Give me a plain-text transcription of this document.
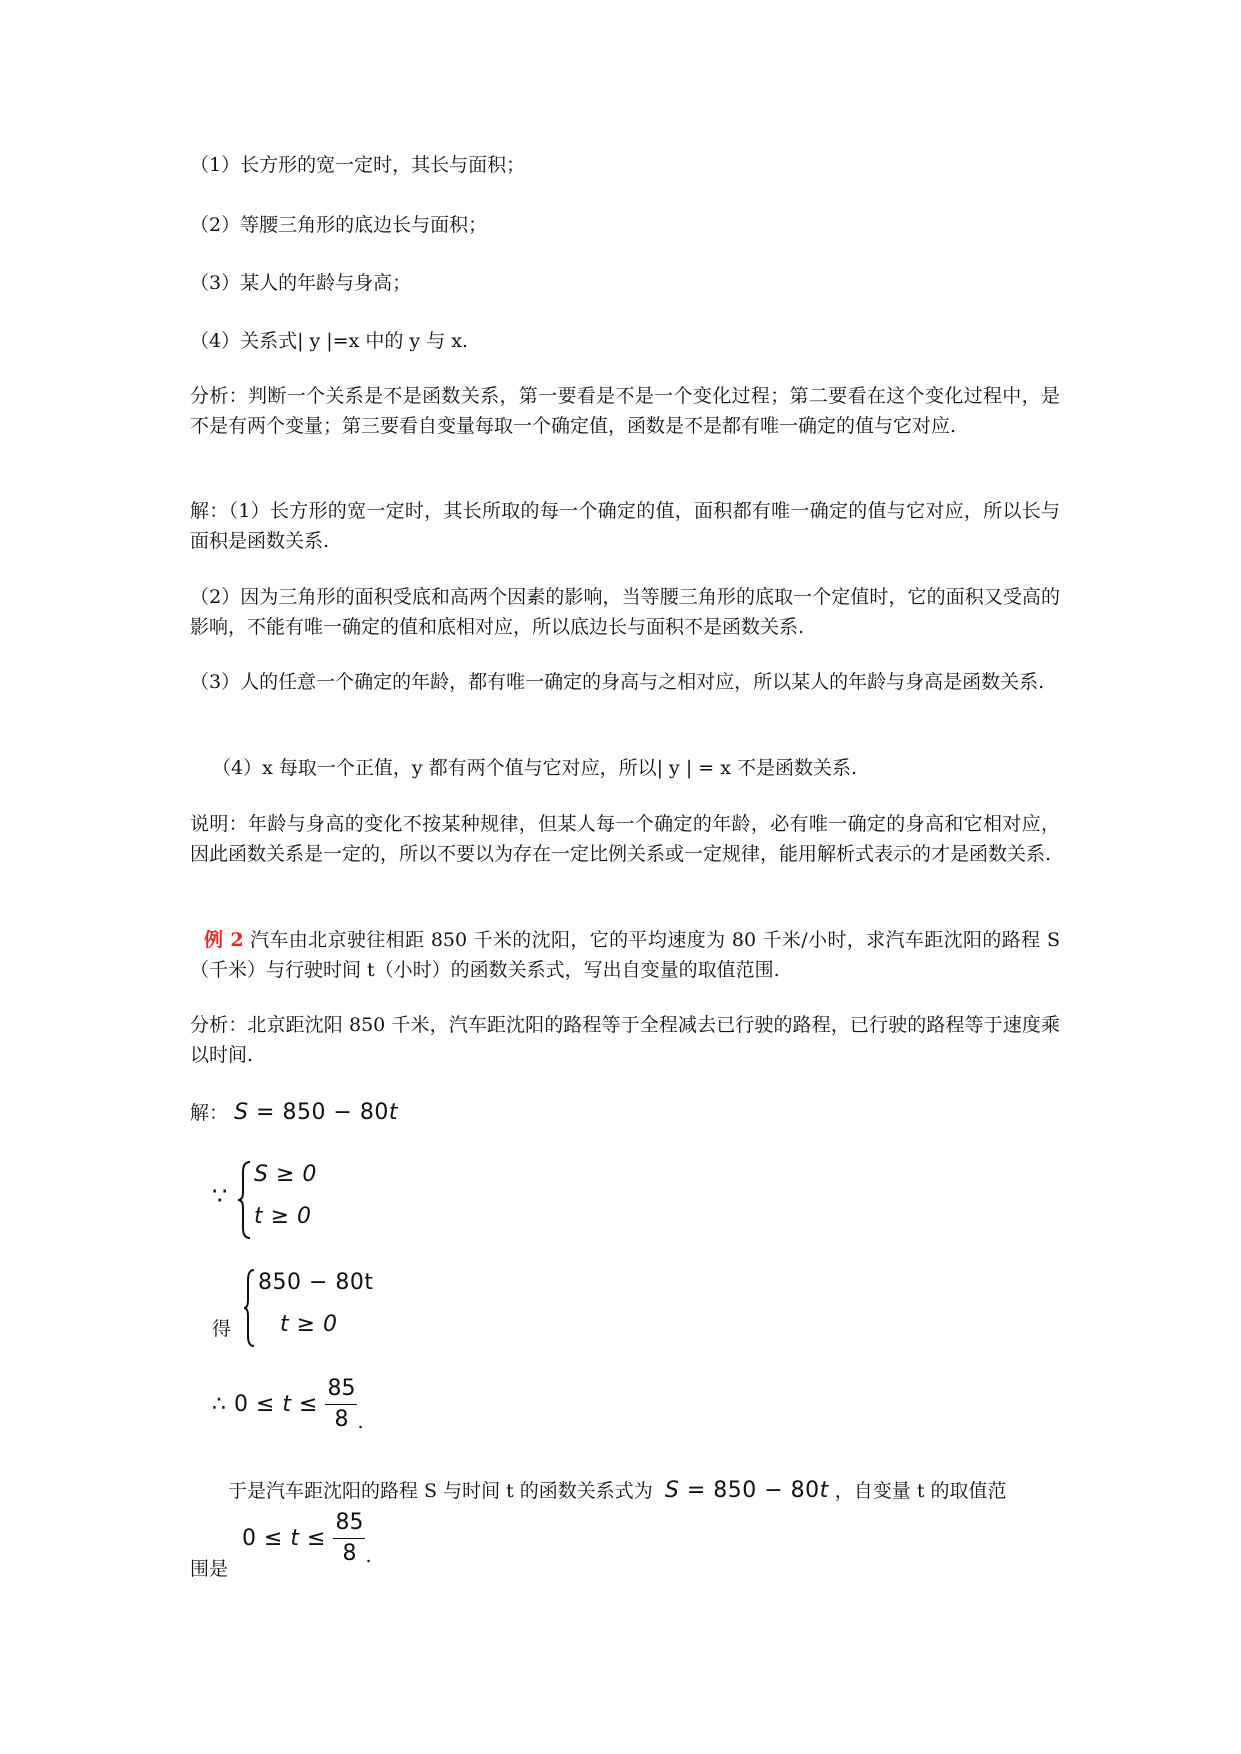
（1）长方形的宽一定时，其长与面积；
（2）等腰三角形的底边长与面积；
（3）某人的年龄与身高；
（4）关系式| y |=x 中的 y 与 x.
分析：判断一个关系是不是函数关系，第一要看是不是一个变化过程；第二要看在这个变化过程中，是不是有两个变量；第三要看自变量每取一个确定值，函数是不是都有唯一确定的值与它对应.
解：（1）长方形的宽一定时，其长所取的每一个确定的值，面积都有唯一确定的值与它对应，所以长与面积是函数关系.
（2）因为三角形的面积受底和高两个因素的影响，当等腰三角形的底取一个定值时，它的面积又受高的影响，不能有唯一确定的值和底相对应，所以底边长与面积不是函数关系.
（3）人的任意一个确定的年龄，都有唯一确定的身高与之相对应，所以某人的年龄与身高是函数关系.
（4）x 每取一个正值，y 都有两个值与它对应，所以| y | = x 不是函数关系.
说明：年龄与身高的变化不按某种规律，但某人每一个确定的年龄，必有唯一确定的身高和它相对应，因此函数关系是一定的，所以不要以为存在一定比例关系或一定规律，能用解析式表示的才是函数关系.
例 2 汽车由北京驶往相距 850 千米的沈阳，它的平均速度为 80 千米/小时，求汽车距沈阳的路程 S（千米）与行驶时间 t（小时）的函数关系式，写出自变量的取值范围.
分析：北京距沈阳 850 千米，汽车距沈阳的路程等于全程减去已行驶的路程，已行驶的路程等于速度乘以时间.
解： S = 850 − 80t
∵
S ≥ 0
t ≥ 0
得
850 − 80t
t ≥ 0
∴ $0 \le t \le \frac{85}{8}$ .
于是汽车距沈阳的路程 S 与时间 t 的函数关系式为 S = 850 − 80t ，自变量 t 的取值范
围是
$0 \le t \le \frac{85}{8}$ .
